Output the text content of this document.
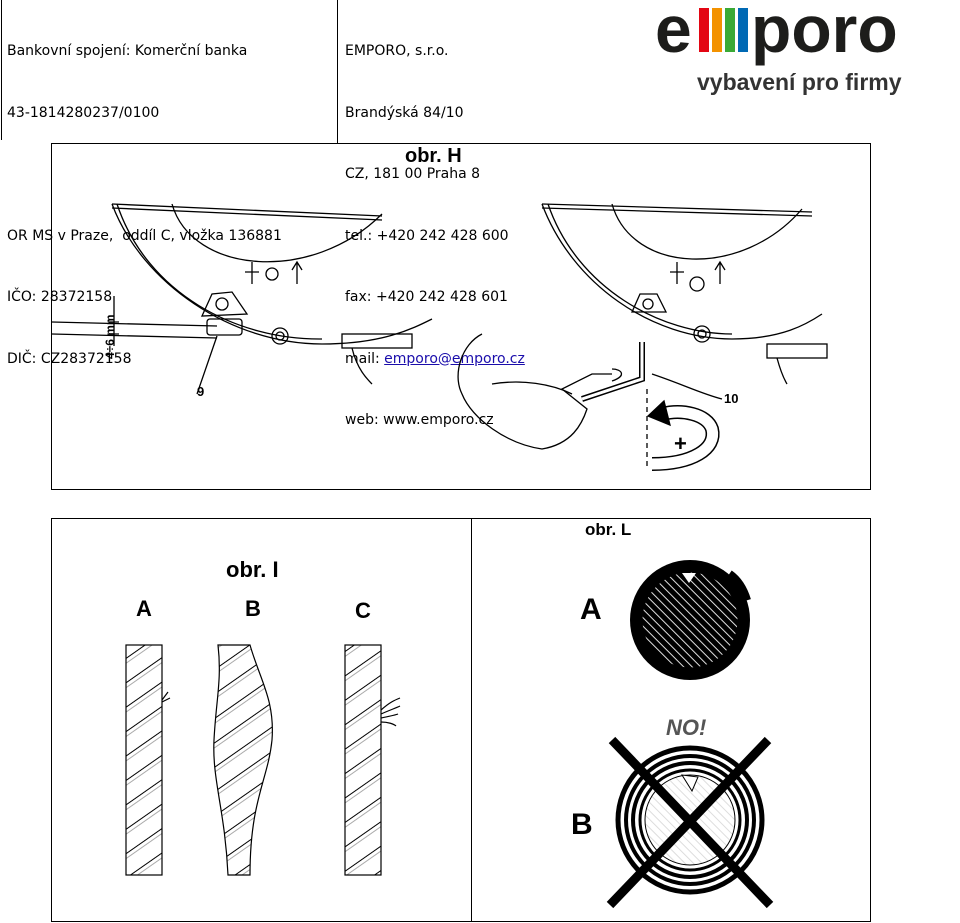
Bankovní spojení: Komerční banka

43-1814280237/0100

OR MS v Praze,  oddíl C, vložka 136881

IČO: 28372158

DIČ: CZ28372158

EMPORO, s.r.o.

Brandýská 84/10

CZ, 181 00 Praha 8

tel.: +420 242 428 600

fax: +420 242 428 601

mail: emporo@emporo.cz

web: www.emporo.cz

e poro
vybavení pro firmy
obr. H
4÷6 mm
9	10
+
obr. I
A	B	C
obr. L
A
B
NO!
